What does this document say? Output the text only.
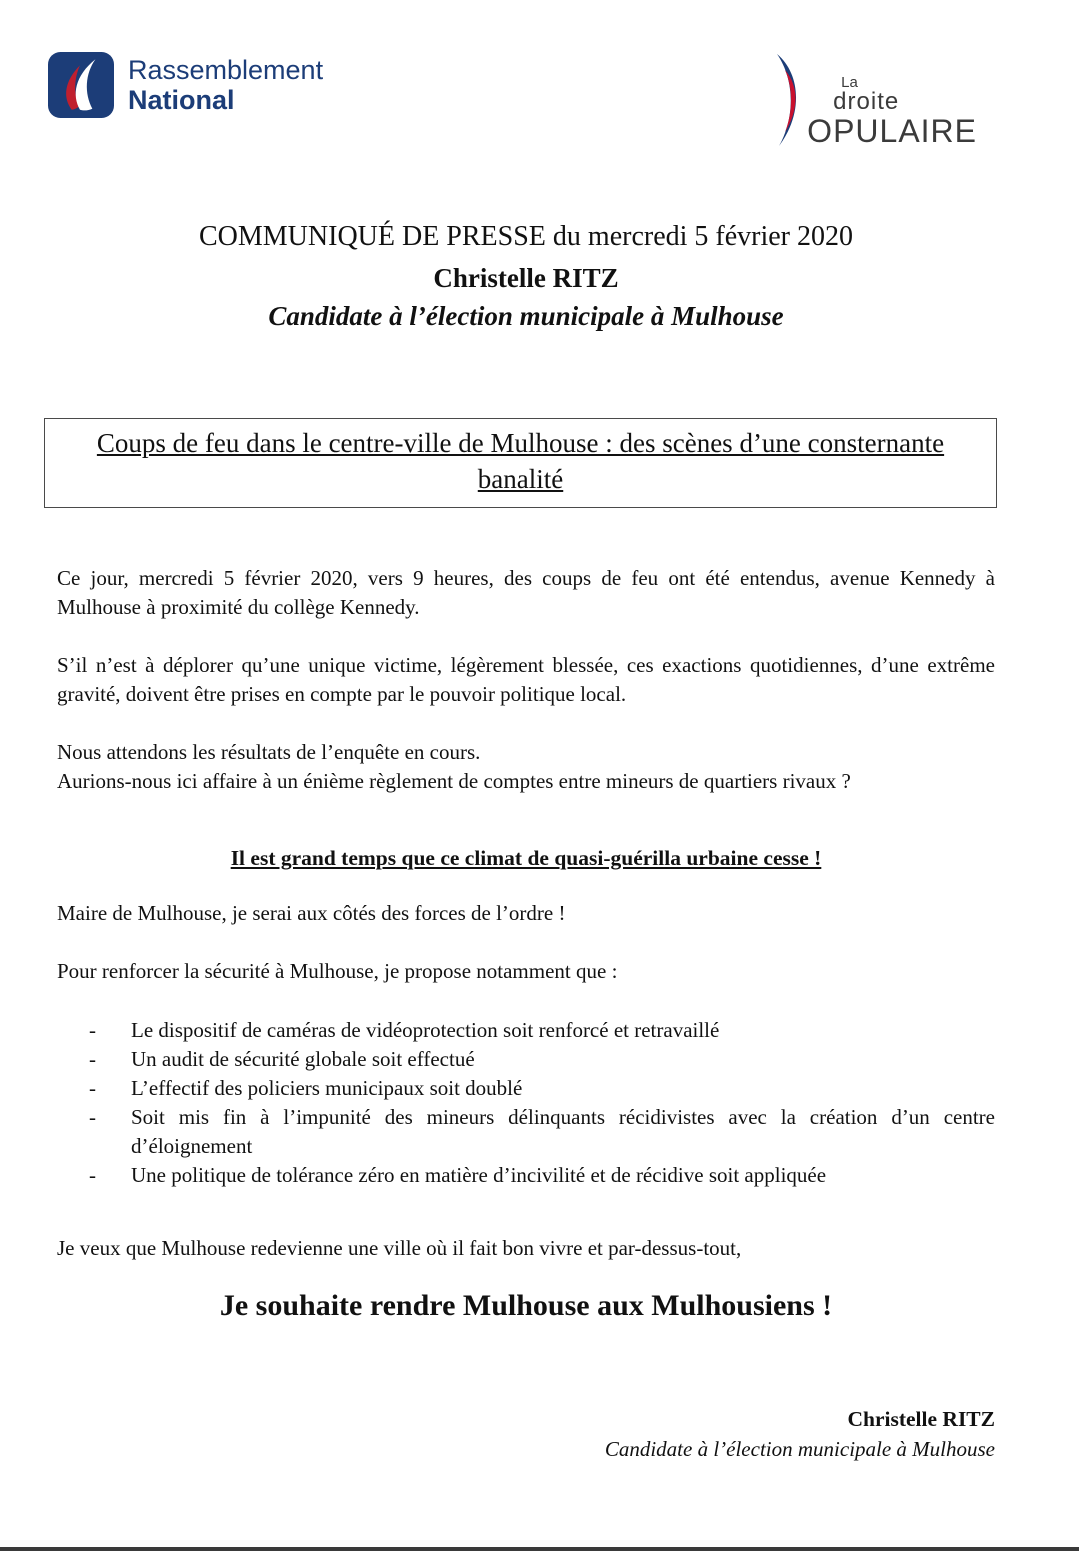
Rassemblement
National
La
droite
OPULAIRE
COMMUNIQUÉ DE PRESSE du mercredi 5 février 2020
Christelle RITZ
Candidate à l’élection municipale à Mulhouse
Coups de feu dans le centre-ville de Mulhouse : des scènes d’une consternante banalité
Ce jour, mercredi 5 février 2020, vers 9 heures, des coups de feu ont été entendus, avenue Kennedy à Mulhouse à proximité du collège Kennedy.
S’il n’est à déplorer qu’une unique victime, légèrement blessée, ces exactions quotidiennes, d’une extrême gravité, doivent être prises en compte par le pouvoir politique local.
Nous attendons les résultats de l’enquête en cours.
Aurions-nous ici affaire à un énième règlement de comptes entre mineurs de quartiers rivaux ?
Il est grand temps que ce climat de quasi-guérilla urbaine cesse !
Maire de Mulhouse, je serai aux côtés des forces de l’ordre !
Pour renforcer la sécurité à Mulhouse, je propose notamment que :
-	Le dispositif de caméras de vidéoprotection soit renforcé et retravaillé
-	Un audit de sécurité globale soit effectué
-	L’effectif des policiers municipaux soit doublé
-	Soit mis fin à l’impunité des mineurs délinquants récidivistes avec la création d’un centre d’éloignement
-	Une politique de tolérance zéro en matière d’incivilité et de récidive soit appliquée
Je veux que Mulhouse redevienne une ville où il fait bon vivre et par-dessus-tout,
Je souhaite rendre Mulhouse aux Mulhousiens !
Christelle RITZ
Candidate à l’élection municipale à Mulhouse
